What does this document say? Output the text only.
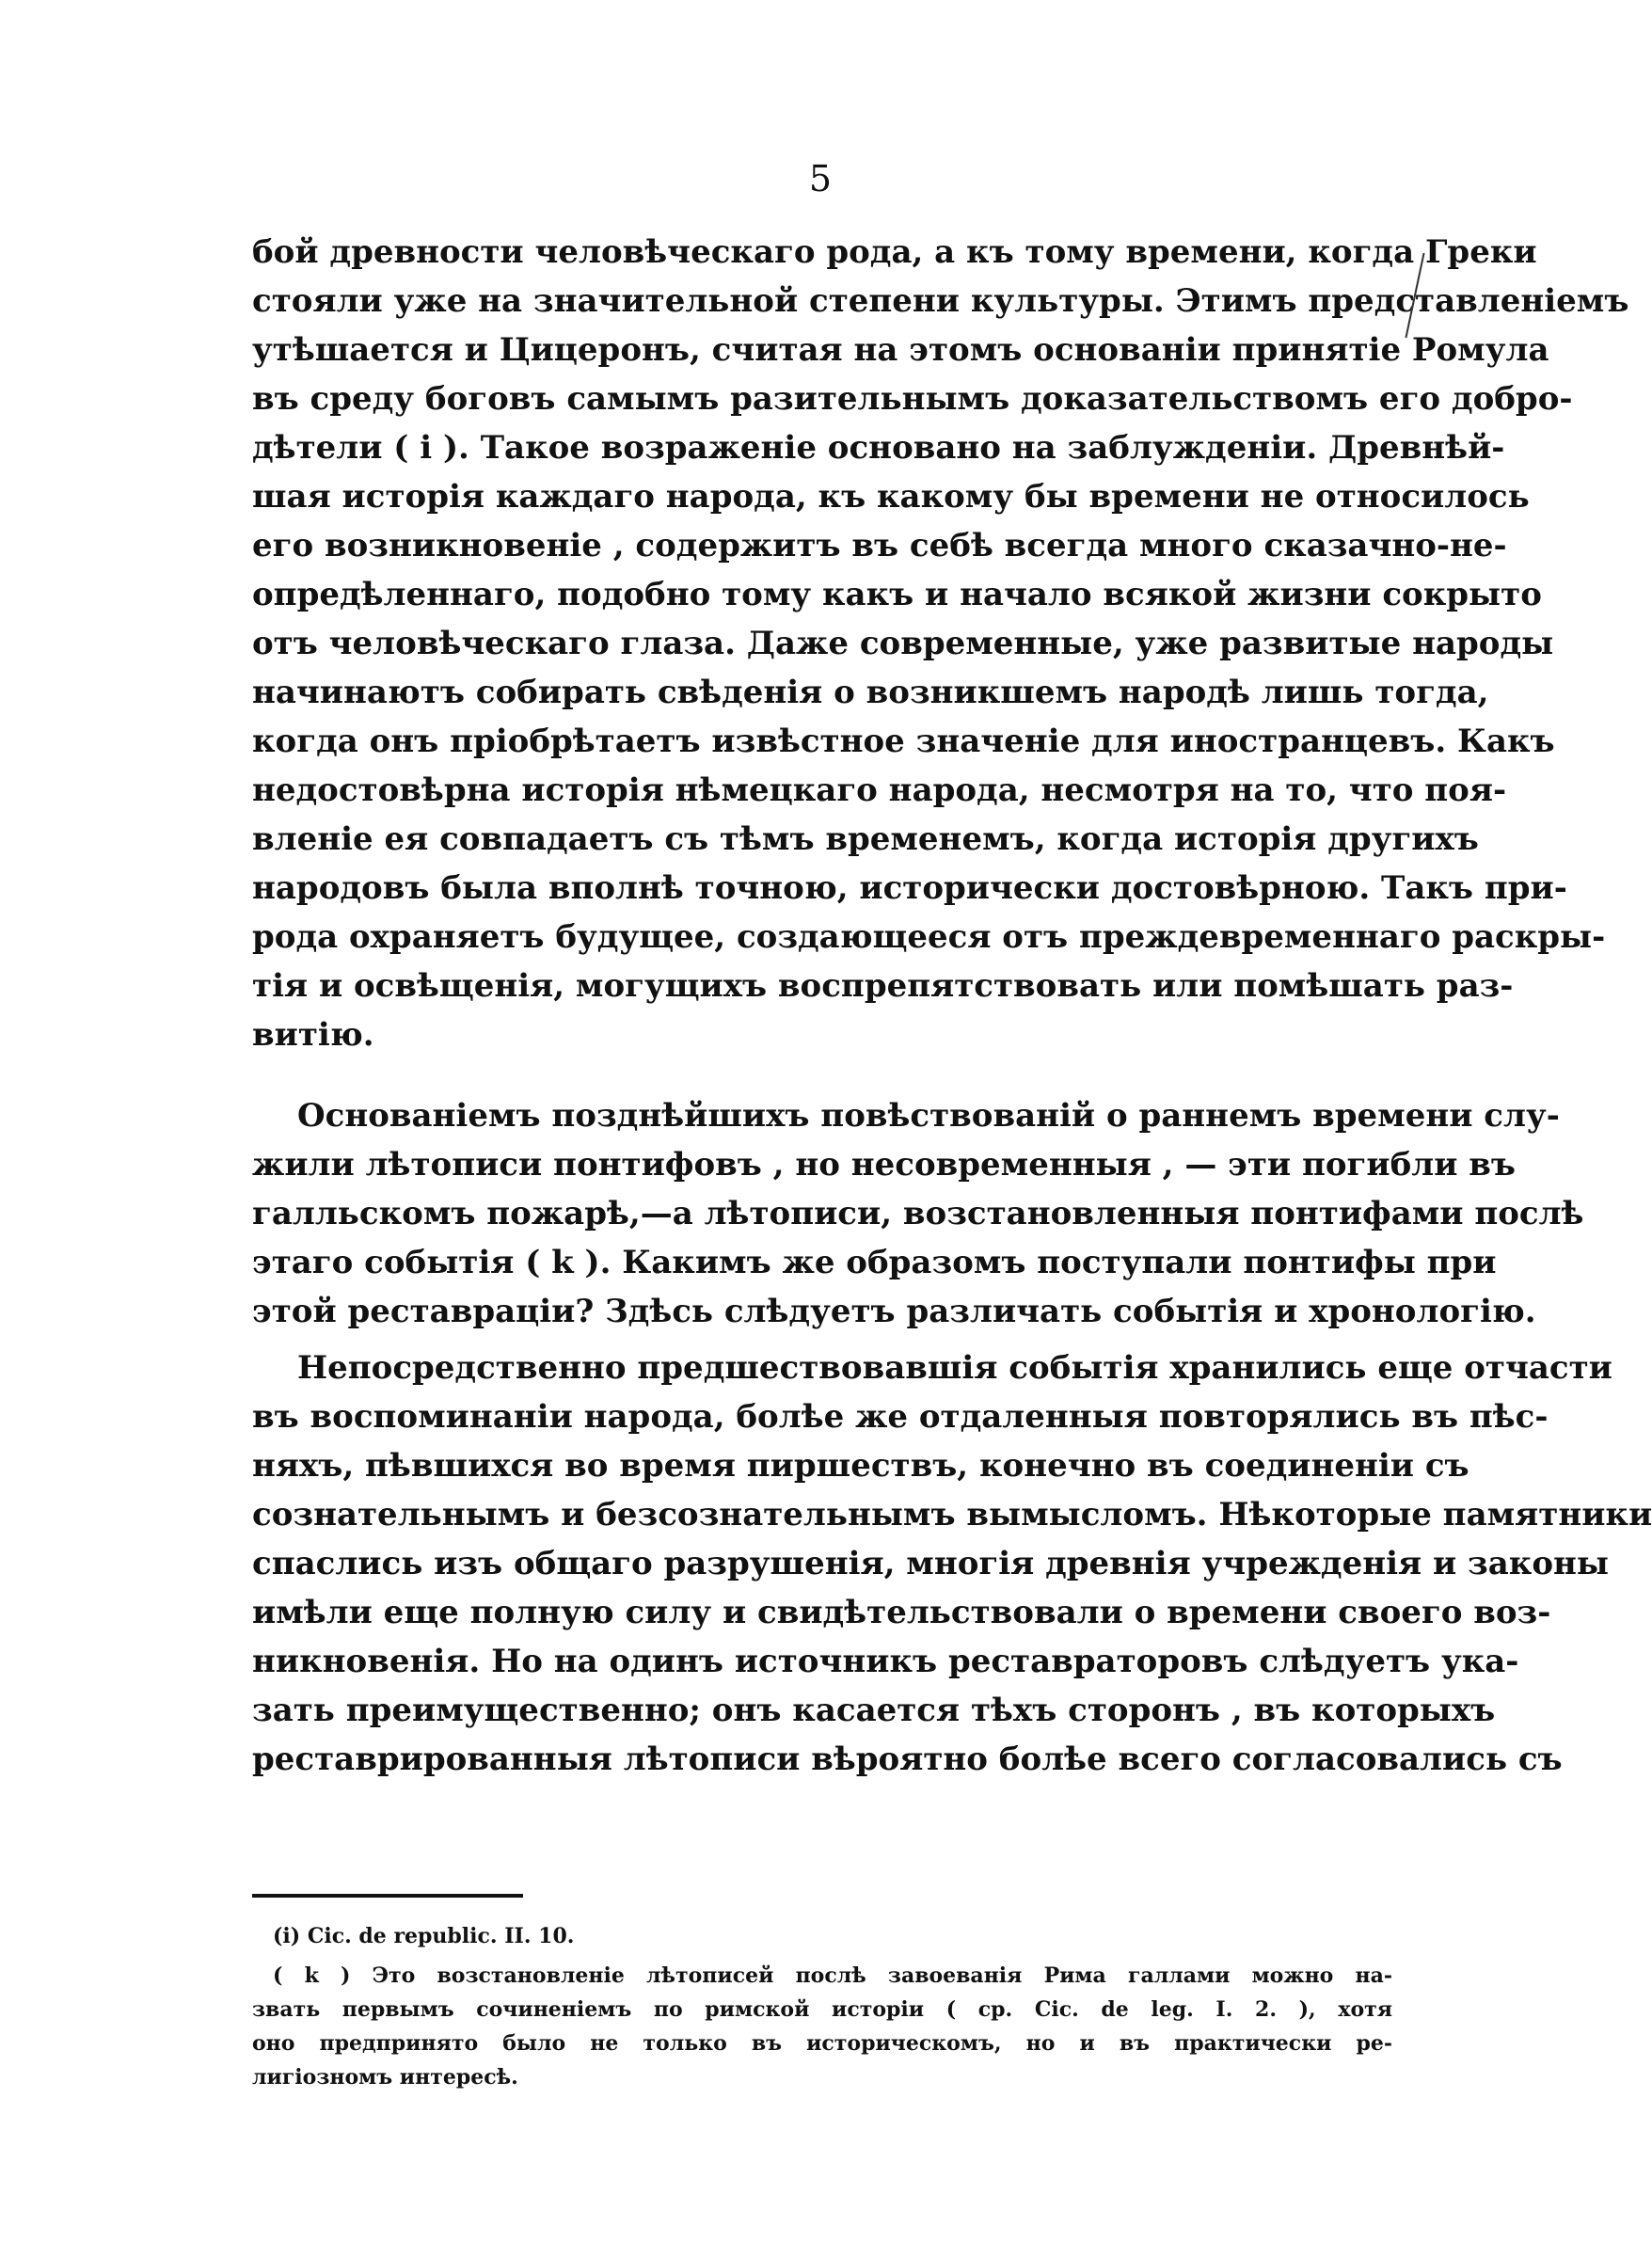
5
бой древности человѣческаго рода, а къ тому времени, когда Греки
стояли уже на значительной степени культуры. Этимъ представленіемъ
утѣшается и Цицеронъ, считая на этомъ основаніи принятіе Ромула
въ среду боговъ самымъ разительнымъ доказательствомъ его добро-
дѣтели ( i ). Такое возраженіе основано на заблужденіи. Древнѣй-
шая исторія каждаго народа, къ какому бы времени не относилось
его возникновеніе , содержитъ въ себѣ всегда много сказачно-не-
опредѣленнаго, подобно тому какъ и начало всякой жизни сокрыто
отъ человѣческаго глаза. Даже современные, уже развитые народы
начинаютъ собирать свѣденія о возникшемъ народѣ лишь тогда,
когда онъ пріобрѣтаетъ извѣстное значеніе для иностранцевъ. Какъ
недостовѣрна исторія нѣмецкаго народа, несмотря на то, что поя-
вленіе ея совпадаетъ съ тѣмъ временемъ, когда исторія другихъ
народовъ была вполнѣ точною, исторически достовѣрною. Такъ при-
рода охраняетъ будущее, создающееся отъ преждевременнаго раскры-
тія и освѣщенія, могущихъ воспрепятствовать или помѣшать раз-
витію.
Основаніемъ позднѣйшихъ повѣствованій о раннемъ времени слу-
жили лѣтописи понтифовъ , но несовременныя , — эти погибли въ
галльскомъ пожарѣ,—а лѣтописи, возстановленныя понтифами послѣ
этаго событія ( k ). Какимъ же образомъ поступали понтифы при
этой реставраціи? Здѣсь слѣдуетъ различать событія и хронологію.
Непосредственно предшествовавшія событія хранились еще отчасти
въ воспоминаніи народа, болѣе же отдаленныя повторялись въ пѣс-
няхъ, пѣвшихся во время пиршествъ, конечно въ соединеніи съ
сознательнымъ и безсознательнымъ вымысломъ. Нѣкоторые памятники
спаслись изъ общаго разрушенія, многія древнія учрежденія и законы
имѣли еще полную силу и свидѣтельствовали о времени своего воз-
никновенія. Но на одинъ источникъ реставраторовъ слѣдуетъ ука-
зать преимущественно; онъ касается тѣхъ сторонъ , въ которыхъ
реставрированныя лѣтописи вѣроятно болѣе всего согласовались съ
(i) Cic. de republic. II. 10.
( k ) Это возстановленіе лѣтописей послѣ завоеванія Рима галлами можно на-
звать первымъ сочиненіемъ по римской исторіи ( ср. Cic. de leg. I. 2. ), хотя
оно предпринято было не только въ историческомъ, но и въ практически ре-
лигіозномъ интересѣ.
